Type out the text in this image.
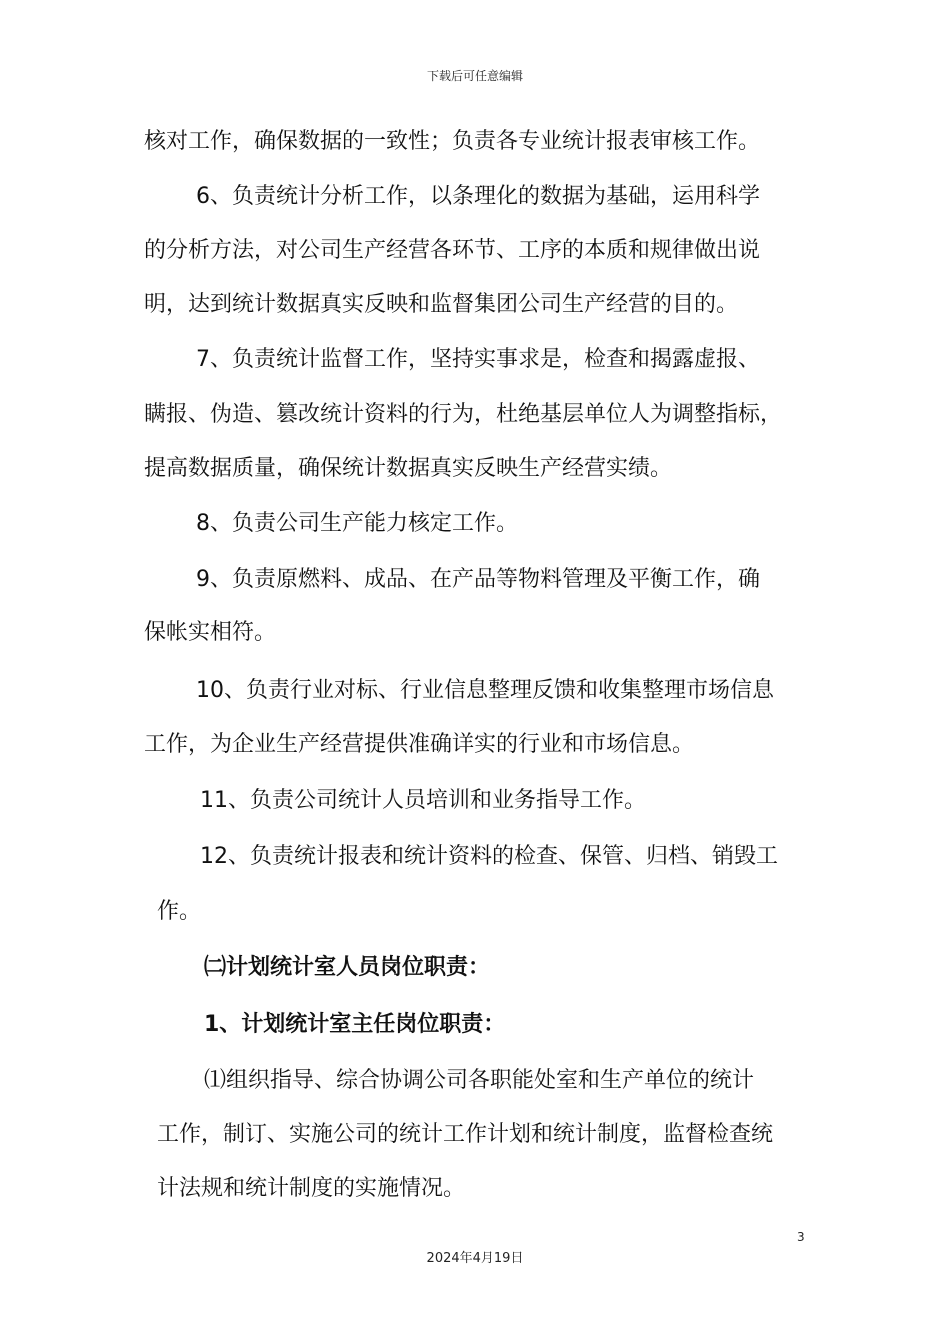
下载后可任意编辑
核对工作，确保数据的一致性；负责各专业统计报表审核工作。
6、负责统计分析工作，以条理化的数据为基础，运用科学
的分析方法，对公司生产经营各环节、工序的本质和规律做出说
明，达到统计数据真实反映和监督集团公司生产经营的目的。
7、负责统计监督工作，坚持实事求是，检查和揭露虚报、
瞒报、伪造、篡改统计资料的行为，杜绝基层单位人为调整指标，
提高数据质量，确保统计数据真实反映生产经营实绩。
8、负责公司生产能力核定工作。
9、负责原燃料、成品、在产品等物料管理及平衡工作，确
保帐实相符。
10、负责行业对标、行业信息整理反馈和收集整理市场信息
工作，为企业生产经营提供准确详实的行业和市场信息。
11、负责公司统计人员培训和业务指导工作。
12、负责统计报表和统计资料的检查、保管、归档、销毁工
作。
㈡计划统计室人员岗位职责：
1、计划统计室主任岗位职责：
⑴组织指导、综合协调公司各职能处室和生产单位的统计
工作，制订、实施公司的统计工作计划和统计制度，监督检查统
计法规和统计制度的实施情况。
3
2024年4月19日
